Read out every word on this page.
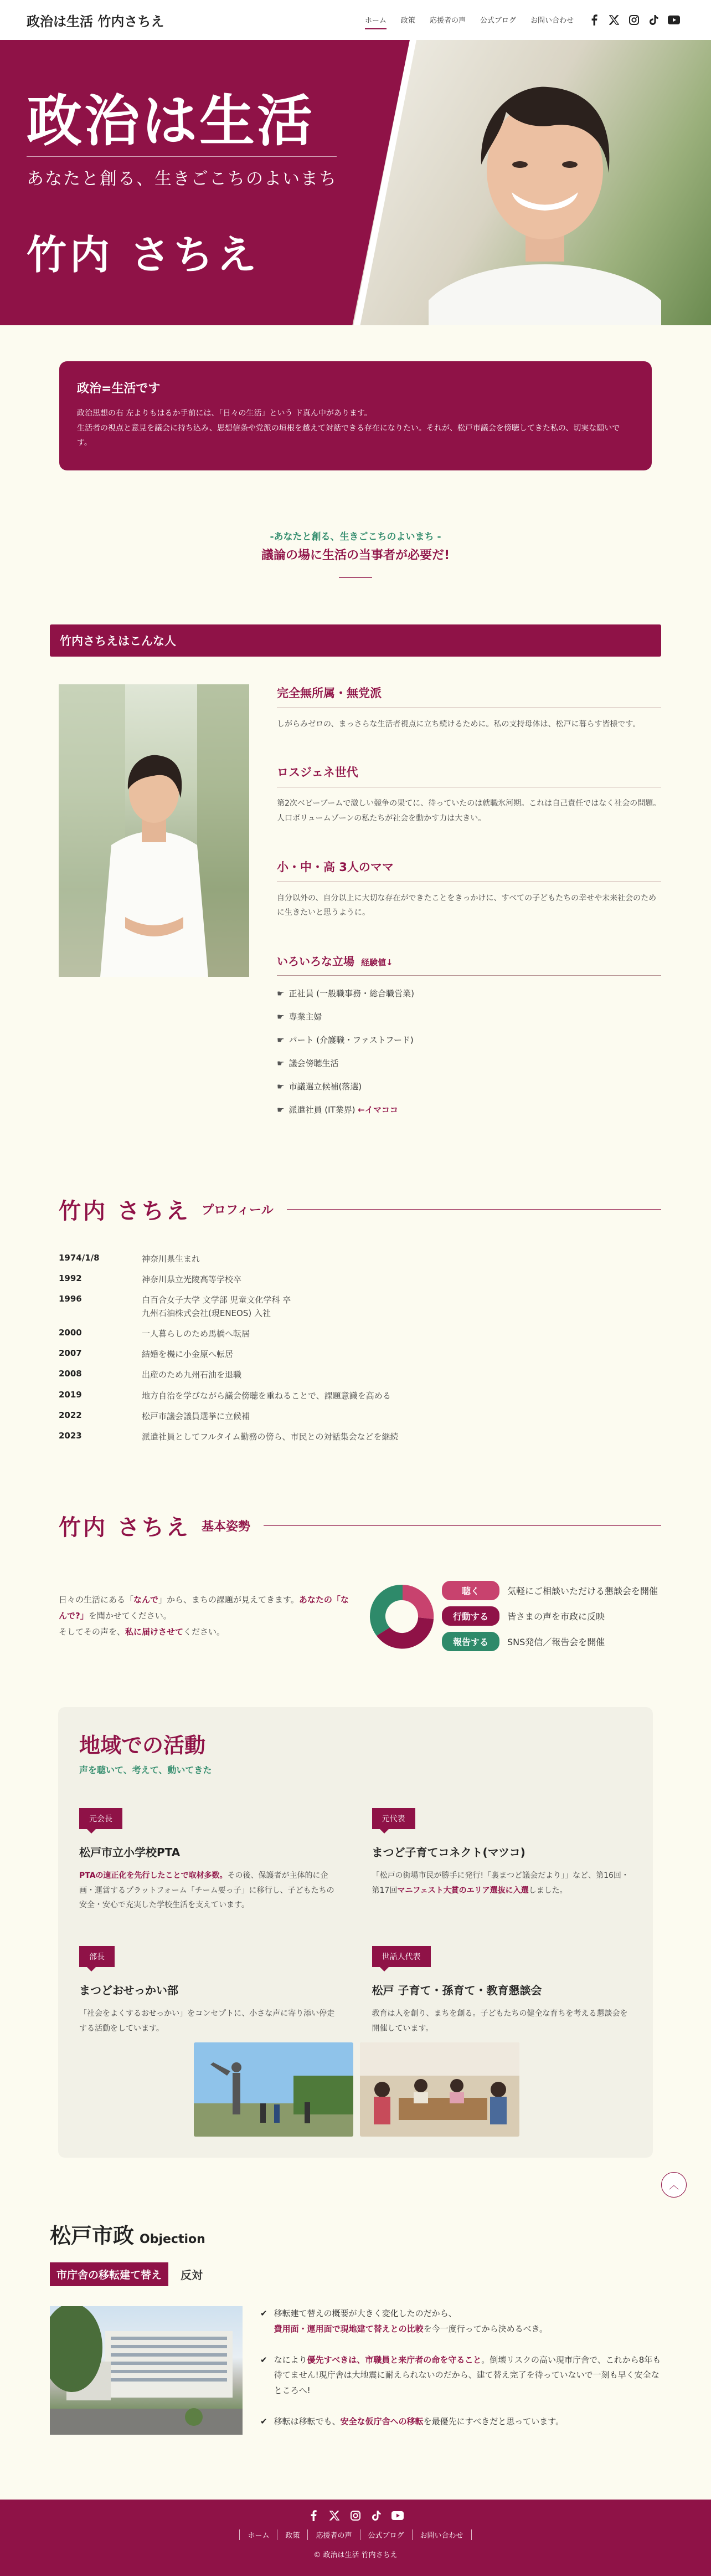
政治は生活 竹内さちえ	ホーム 政策 応援者の声 公式ブログ お問い合わせ
政治は生活
あなたと創る、生きごこちのよいまち
竹内 さちえ
政治=生活です

政治思想の右 左よりもはるか手前には、「日々の生活」という ド真ん中があります。

生活者の視点と意見を議会に持ち込み、思想信条や党派の垣根を越えて対話できる存在になりたい。それが、松戸市議会を傍聴してきた私の、切実な願いです。

-あなたと創る、生きごこちのよいまち -
議論の場に生活の当事者が必要だ!
竹内さちえはこんな人
完全無所属・無党派

しがらみゼロの、まっさらな生活者視点に立ち続けるために。私の支持母体は、松戸に暮らす皆様です。

ロスジェネ世代

第2次ベビーブームで激しい競争の果てに、待っていたのは就職氷河期。これは自己責任ではなく社会の問題。人口ボリュームゾーンの私たちが社会を動かす力は大きい。

小・中・高 3人のママ

自分以外の、自分以上に大切な存在ができたことをきっかけに、すべての子どもたちの幸せや未来社会のために生きたいと思うように。

いろいろな立場 経験値↓
☛ 正社員 (一般職事務・総合職営業)
☛ 専業主婦
☛ パート (介護職・ファストフード)
☛ 議会傍聴生活
☛ 市議選立候補(落選)
☛ 派遣社員 (IT業界) ←イマココ
竹内 さちえ プロフィール
1974/1/8	神奈川県生まれ
1992	神奈川県立光陵高等学校卒
1996	白百合女子大学 文学部 児童文化学科 卒
九州石油株式会社(現ENEOS) 入社
2000	一人暮らしのため馬橋へ転居
2007	結婚を機に小金原へ転居
2008	出産のため九州石油を退職
2019	地方自治を学びながら議会傍聴を重ねることで、課題意識を高める
2022	松戸市議会議員選挙に立候補
2023	派遣社員としてフルタイム勤務の傍ら、市民との対話集会などを継続
竹内 さちえ 基本姿勢
日々の生活にある「なんで」から、まちの課題が見えてきます。あなたの「なんで?」を聞かせてください。
そしてその声を、私に届けさせてください。
聴く	気軽にご相談いただける懇談会を開催
行動する	皆さまの声を市政に反映
報告する	SNS発信／報告会を開催
地域での活動
声を聴いて、考えて、動いてきた
元会長
松戸市立小学校PTA
PTAの適正化を先行したことで取材多数。その後、保護者が主体的に企画・運営するプラットフォーム「チーム要っ子」に移行し、子どもたちの安全・安心で充実した学校生活を支えています。
元代表
まつど子育てコネクト(マツコ)
「松戸の街場市民が勝手に発行!「裏まつど議会だより」」など、第16回・第17回マニフェスト大賞のエリア選抜に入選しました。
部長
まつどおせっかい部
「社会をよくするおせっかい」をコンセプトに、小さな声に寄り添い停走する活動をしています。
世話人代表
松戸 子育て・孫育て・教育懇談会
教育は人を創り、まちを創る。子どもたちの健全な育ちを考える懇談会を開催しています。
︿
松戸市政 Objection
市庁舎の移転建て替え	反対
✔ 移転建て替えの概要が大きく変化したのだから、
費用面・運用面で現地建て替えとの比較を今一度行ってから決めるべき。
✔ なにより優先すべきは、市職員と来庁者の命を守ること。倒壊リスクの高い現市庁舎で、これから8年も待てません!現庁舎は大地震に耐えられないのだから、建て替え完了を待っていないで一刻も早く安全なところへ!
✔ 移転は移転でも、安全な仮庁舎への移転を最優先にすべきだと思っています。
ホーム	政策	応援者の声	公式ブログ	お問い合わせ
© 政治は生活 竹内さちえ
